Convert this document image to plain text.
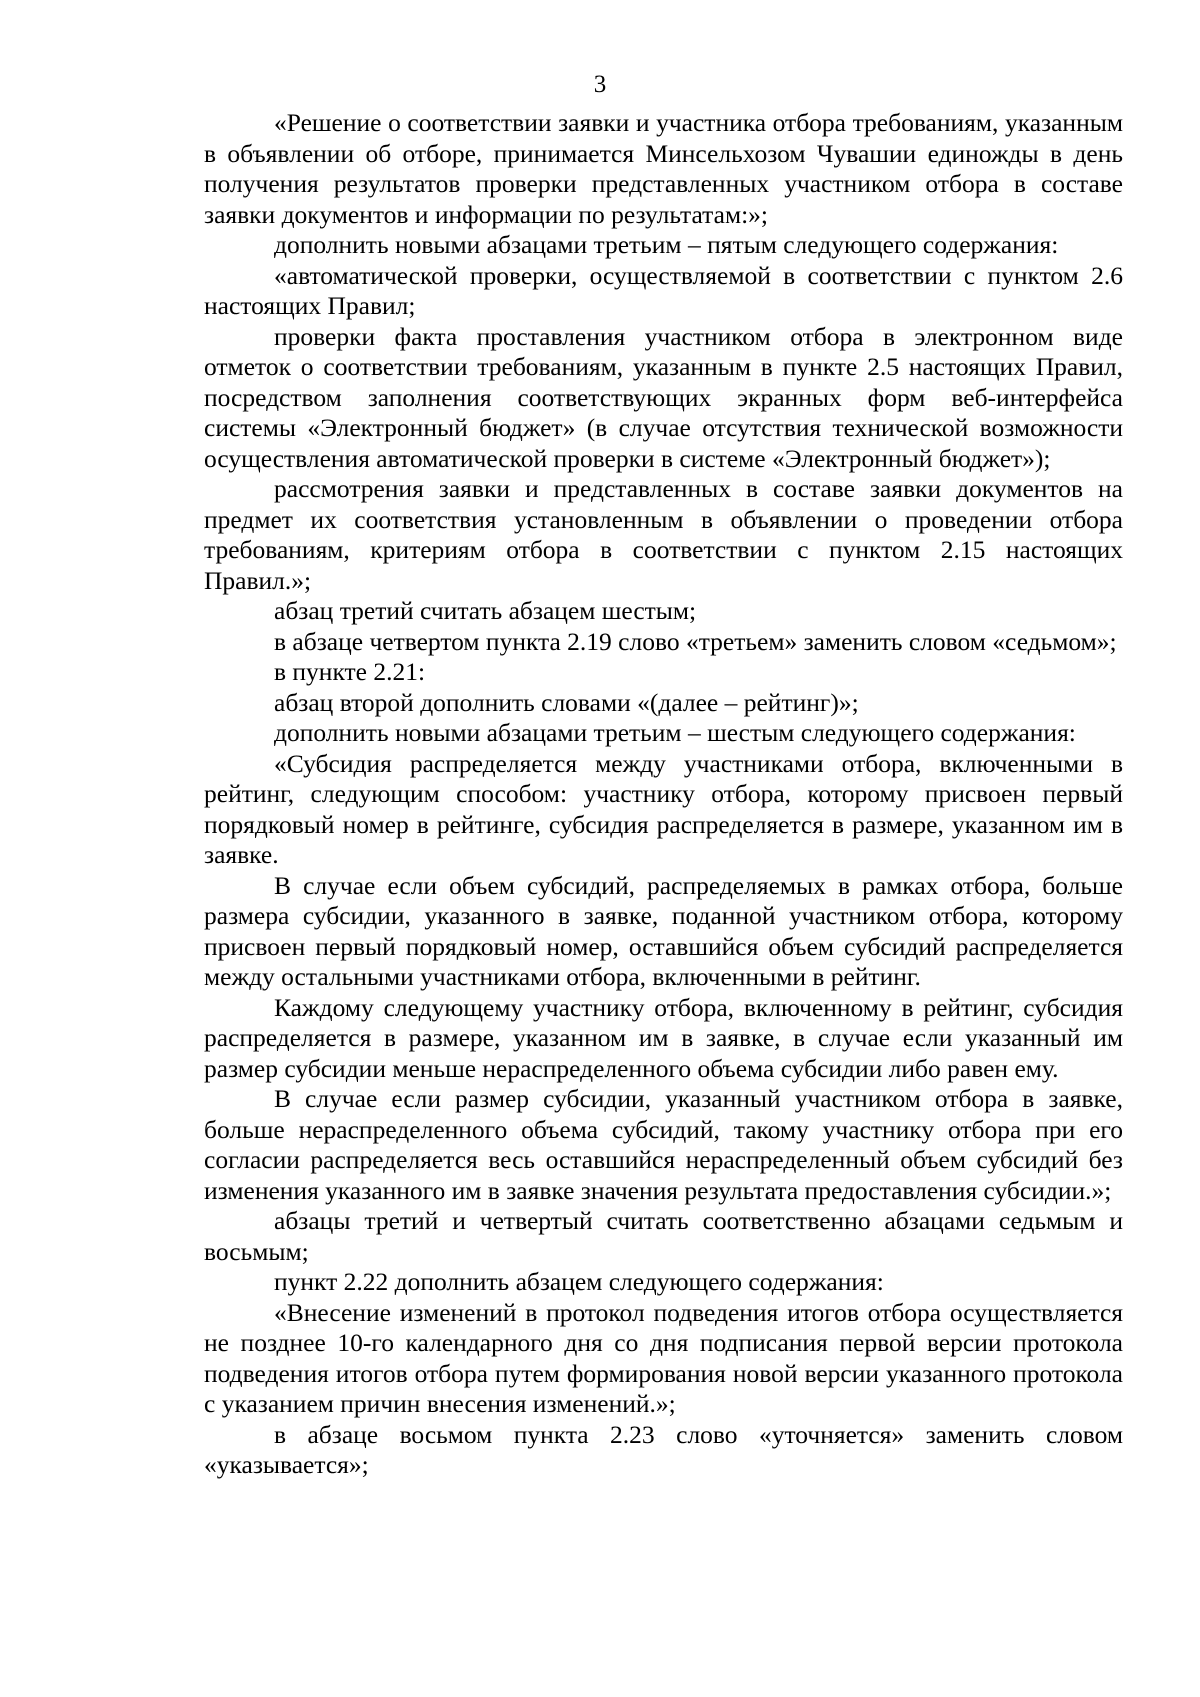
3

«Решение о соответствии заявки и участника отбора требованиям, указанным в объявлении об отборе, принимается Минсельхозом Чувашии единожды в день получения результатов проверки представленных участником отбора в составе заявки документов и информации по результатам:»;

дополнить новыми абзацами третьим – пятым следующего содержания:

«автоматической проверки, осуществляемой в соответствии с пунктом 2.6 настоящих Правил;

проверки факта проставления участником отбора в электронном виде отметок о соответствии требованиям, указанным в пункте 2.5 настоящих Правил, посредством заполнения соответствующих экранных форм веб-интерфейса системы «Электронный бюджет» (в случае отсутствия технической возможности осуществления автоматической проверки в системе «Электронный бюджет»);

рассмотрения заявки и представленных в составе заявки документов на предмет их соответствия установленным в объявлении о проведении отбора требованиям, критериям отбора в соответствии с пунктом 2.15 настоящих Правил.»;

абзац третий считать абзацем шестым;

в абзаце четвертом пункта 2.19 слово «третьем» заменить словом «седьмом»;

в пункте 2.21:

абзац второй дополнить словами «(далее – рейтинг)»;

дополнить новыми абзацами третьим – шестым следующего содержания:

«Субсидия распределяется между участниками отбора, включенными в рейтинг, следующим способом: участнику отбора, которому присвоен первый порядковый номер в рейтинге, субсидия распределяется в размере, указанном им в заявке.

В случае если объем субсидий, распределяемых в рамках отбора, больше размера субсидии, указанного в заявке, поданной участником отбора, которому присвоен первый порядковый номер, оставшийся объем субсидий распределяется между остальными участниками отбора, включенными в рейтинг.

Каждому следующему участнику отбора, включенному в рейтинг, субсидия распределяется в размере, указанном им в заявке, в случае если указанный им размер субсидии меньше нераспределенного объема субсидии либо равен ему.

В случае если размер субсидии, указанный участником отбора в заявке, больше нераспределенного объема субсидий, такому участнику отбора при его согласии распределяется весь оставшийся нераспределенный объем субсидий без изменения указанного им в заявке значения результата предоставления субсидии.»;

абзацы третий и четвертый считать соответственно абзацами седьмым и восьмым;

пункт 2.22 дополнить абзацем следующего содержания:

«Внесение изменений в протокол подведения итогов отбора осуществляется не позднее 10-го календарного дня со дня подписания первой версии протокола подведения итогов отбора путем формирования новой версии указанного протокола с указанием причин внесения изменений.»;

в абзаце восьмом пункта 2.23 слово «уточняется» заменить словом «указывается»;
